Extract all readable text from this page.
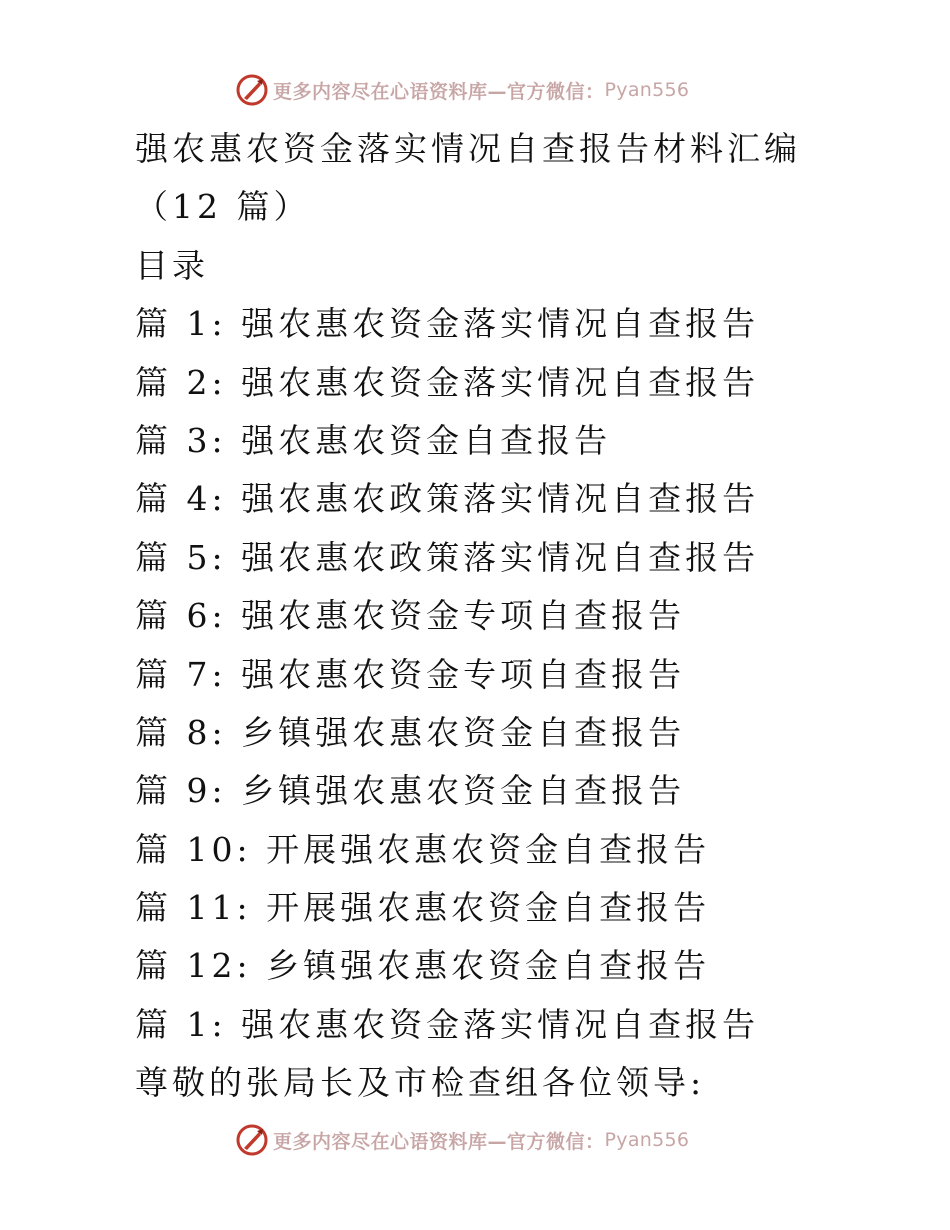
更多内容尽在心语资料库—官方微信： Pyan556
强农惠农资金落实情况自查报告材料汇编
（12 篇）
目录
篇 1: 强农惠农资金落实情况自查报告
篇 2: 强农惠农资金落实情况自查报告
篇 3: 强农惠农资金自查报告
篇 4: 强农惠农政策落实情况自查报告
篇 5: 强农惠农政策落实情况自查报告
篇 6: 强农惠农资金专项自查报告
篇 7: 强农惠农资金专项自查报告
篇 8: 乡镇强农惠农资金自查报告
篇 9: 乡镇强农惠农资金自查报告
篇 10: 开展强农惠农资金自查报告
篇 11: 开展强农惠农资金自查报告
篇 12: 乡镇强农惠农资金自查报告
篇 1: 强农惠农资金落实情况自查报告
尊敬的张局长及市检查组各位领导:
更多内容尽在心语资料库—官方微信： Pyan556
